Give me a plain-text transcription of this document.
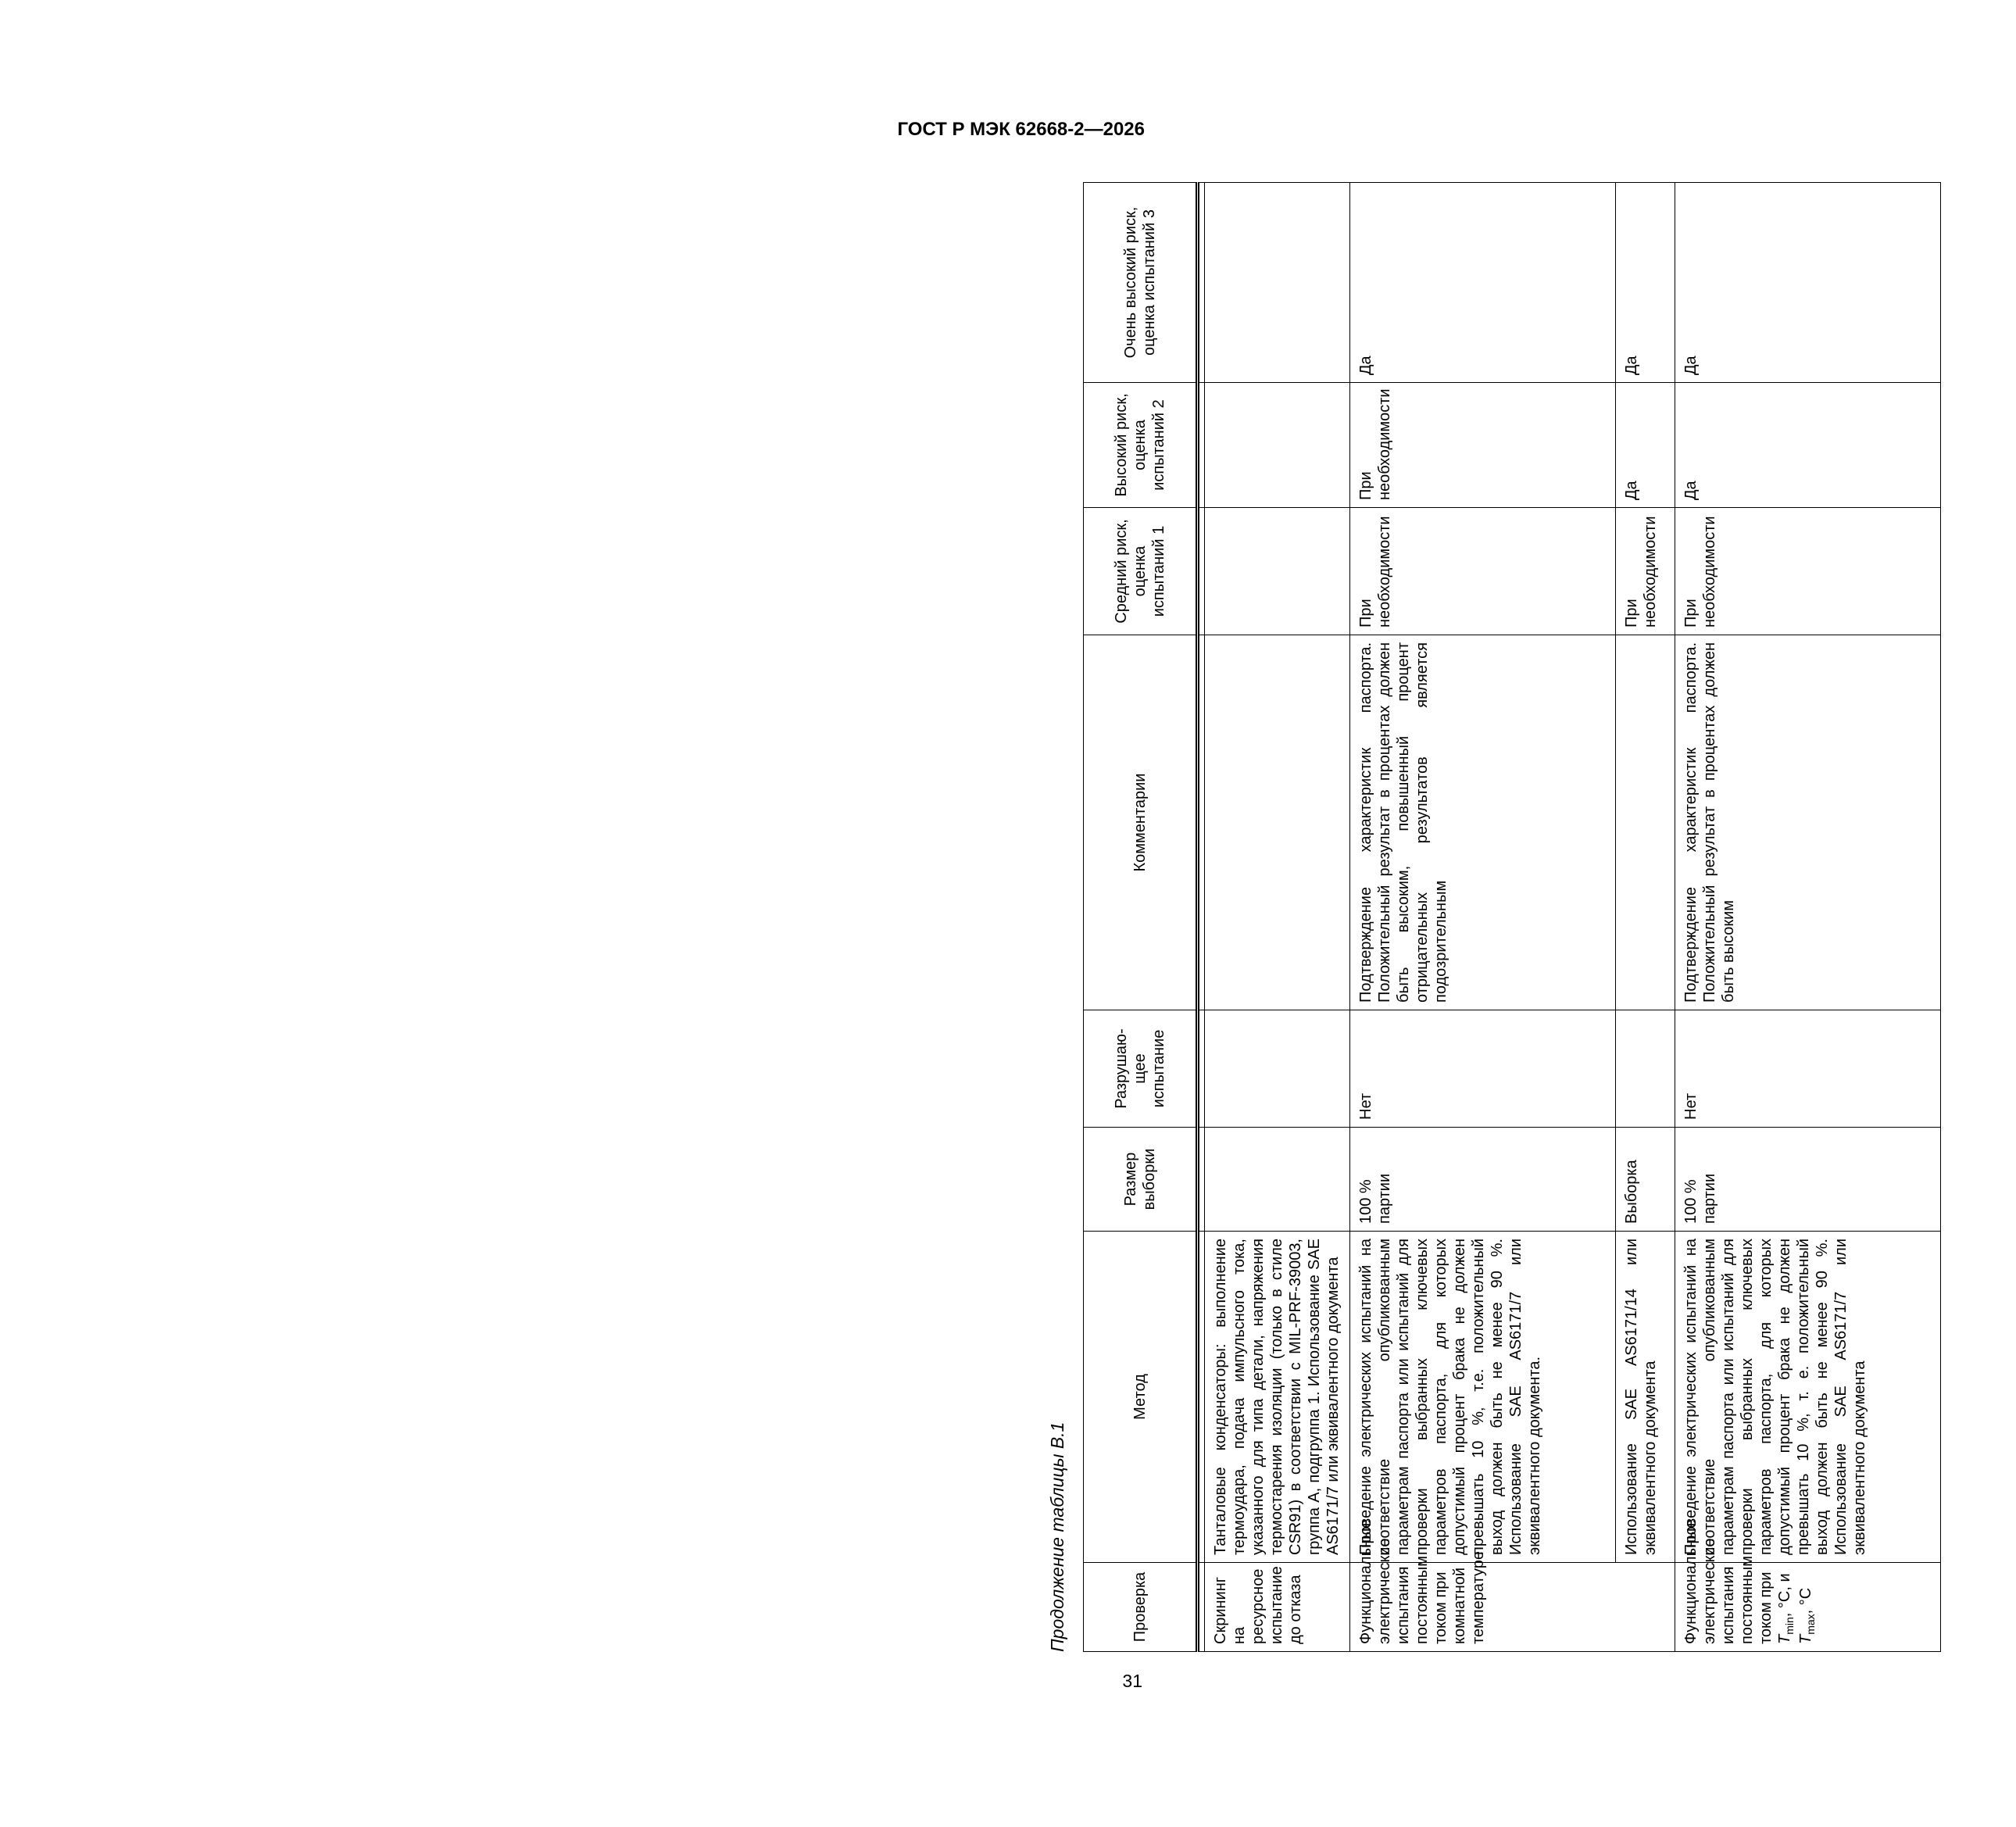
ГОСТ Р МЭК 62668-2—2026
Продолжение таблицы В.1	Проверка	Метод	Размер выборки	Разрушаю-щее испытание	Комментарии	Средний риск, оценка испытаний 1	Высокий риск, оценка испытаний 2	Очень высокий риск, оценка испытаний 3

Скрининг на ресурсное испытание до отказа	Танталовые конденсаторы: выполнение термоудара, подача импульсного тока, указанного для типа детали, напряжения термостарения изоляции (только в стиле CSR91) в соответствии с MIL-PRF-39003, группа A, подгруппа 1. Использование SAE AS6171/7 или эквивалентного документа						
Функциональные электрические испытания постоянным током при комнатной температуре	Проведение электрических испытаний на соответствие опубликованным параметрам паспорта или испытаний для проверки выбранных ключевых параметров паспорта, для которых допустимый процент брака не должен превышать 10 %, т.е. положительный выход должен быть не менее 90 %. Использование SAE AS6171/7 или эквивалентного документа.	100 % партии	Нет	Подтверждение характеристик паспорта. Положительный результат в процентах должен быть высоким, повышенный процент отрицательных результатов является подозрительным	При необходимости	При необходимости	Да
	Использование SAE AS6171/14 или эквивалентного документа	Выборка			При необходимости	Да	Да
Функциональные электрические испытания постоянным током при $T_{min}$, °C, и $T_{max}$, °C	Проведение электрических испытаний на соответствие опубликованным параметрам паспорта или испытаний для проверки выбранных ключевых параметров паспорта, для которых допустимый процент брака не должен превышать 10 %, т. е. положительный выход должен быть не менее 90 %. Использование SAE AS6171/7 или эквивалентного документа	100 % партии	Нет	Подтверждение характеристик паспорта. Положительный результат в процентах должен быть высоким	При необходимости	Да	Да
31
